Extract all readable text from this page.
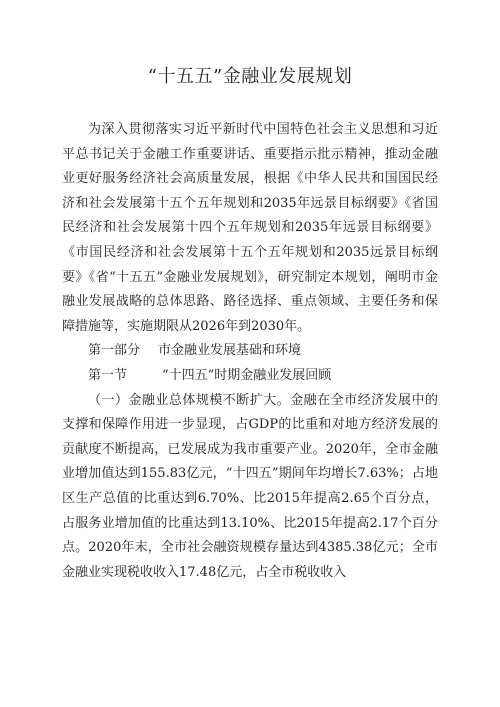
“十五五”金融业发展规划

为深入贯彻落实习近平新时代中国特色社会主义思想和习近平总书记关于金融工作重要讲话、重要指示批示精神，推动金融业更好服务经济社会高质量发展，根据《中华人民共和国国民经济和社会发展第十五个五年规划和2035年远景目标纲要》《省国民经济和社会发展第十四个五年规划和2035年远景目标纲要》《市国民经济和社会发展第十五个五年规划和2035远景目标纲要》《省“十五五”金融业发展规划》，研究制定本规划，阐明市金融业发展战略的总体思路、路径选择、重点领域、主要任务和保障措施等，实施期限从2026年到2030年。

第一部分 市金融业发展基础和环境

第一节	“十四五”时期金融业发展回顾

（一）金融业总体规模不断扩大。金融在全市经济发展中的支撑和保障作用进一步显现，占GDP的比重和对地方经济发展的贡献度不断提高，已发展成为我市重要产业。2020年，全市金融业增加值达到155.83亿元，“十四五”期间年均增长7.63%；占地区生产总值的比重达到6.70%、比2015年提高2.65个百分点，占服务业增加值的比重达到13.10%、比2015年提高2.17个百分点。2020年末，全市社会融资规模存量达到4385.38亿元；全市金融业实现税收收入17.48亿元，占全市税收收入
